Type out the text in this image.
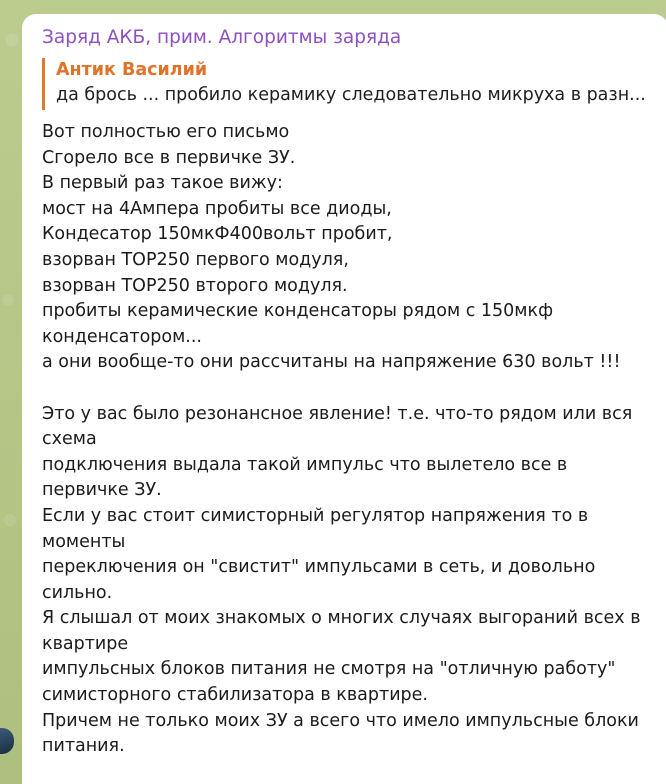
Заряд АКБ, прим. Алгоритмы заряда
Антик Василий
да брось ... пробило керамику следовательно микруха в разн...
Вот полностью его письмо
Сгорело все в первичке ЗУ.
В первый раз такое вижу:
мост на 4Ампера пробиты все диоды,
Кондесатор 150мкФ400вольт пробит,
взорван TOP250 первого модуля,
взорван TOP250 второго модуля.
пробиты керамические конденсаторы рядом с 150мкф
конденсатором...
а они вообще-то они рассчитаны на напряжение 630 вольт !!!
Это у вас было резонансное явление! т.е. что-то рядом или вся
схема
подключения выдала такой импульс что вылетело все в
первичке ЗУ.
Если у вас стоит симисторный регулятор напряжения то в
моменты
переключения он "свистит" импульсами в сеть, и довольно
сильно.
Я слышал от моих знакомых о многих случаях выгораний всех в
квартире
импульсных блоков питания не смотря на "отличную работу"
симисторного стабилизатора в квартире.
Причем не только моих ЗУ а всего что имело импульсные блоки
питания.
